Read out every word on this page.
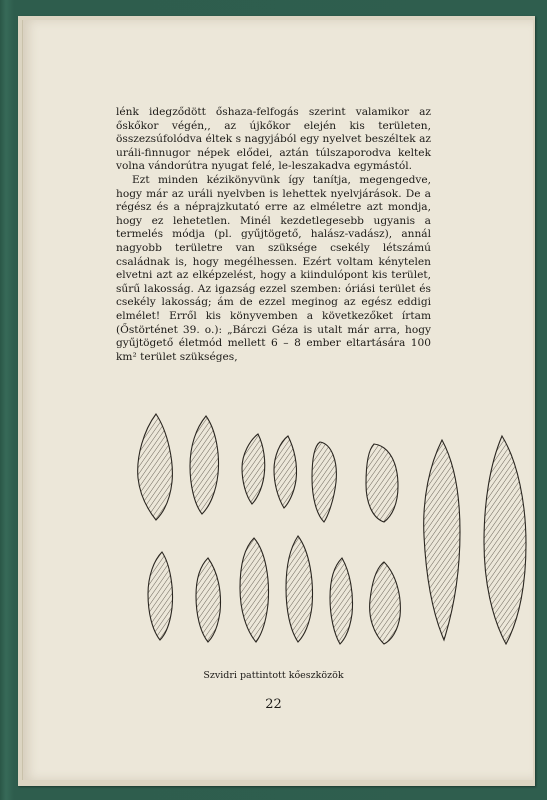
lénk idegződött őshaza-felfogás szerint valamikor az őskőkor végén,, az újkőkor elején kis területen, összezsúfolódva éltek s nagyjából egy nyelvet beszéltek az uráli-finnugor népek elődei, aztán túlszaporodva keltek volna vándorútra nyugat felé, le-leszakadva egymástól.

Ezt minden kézikönyvünk így tanítja, megengedve, hogy már az uráli nyelvben is lehettek nyelvjárások. De a régész és a néprajzkutató erre az elméletre azt mondja, hogy ez lehetetlen. Minél kezdetlegesebb ugyanis a termelés módja (pl. gyűjtögető, halász-vadász), annál nagyobb területre van szüksége csekély létszámú családnak is, hogy megélhessen. Ezért voltam kénytelen elvetni azt az elképzelést, hogy a kiindulópont kis terület, sűrű lakosság. Az igazság ezzel szemben: óriási terület és csekély lakosság; ám de ezzel meginog az egész eddigi elmélet! Erről kis könyvemben a következőket írtam (Őstörténet 39. o.): „Bárczi Géza is utalt már arra, hogy gyűjtögető életmód mellett 6 – 8 ember eltartására 100 km² terület szükséges,

Szvidri pattintott kőeszközök
22
